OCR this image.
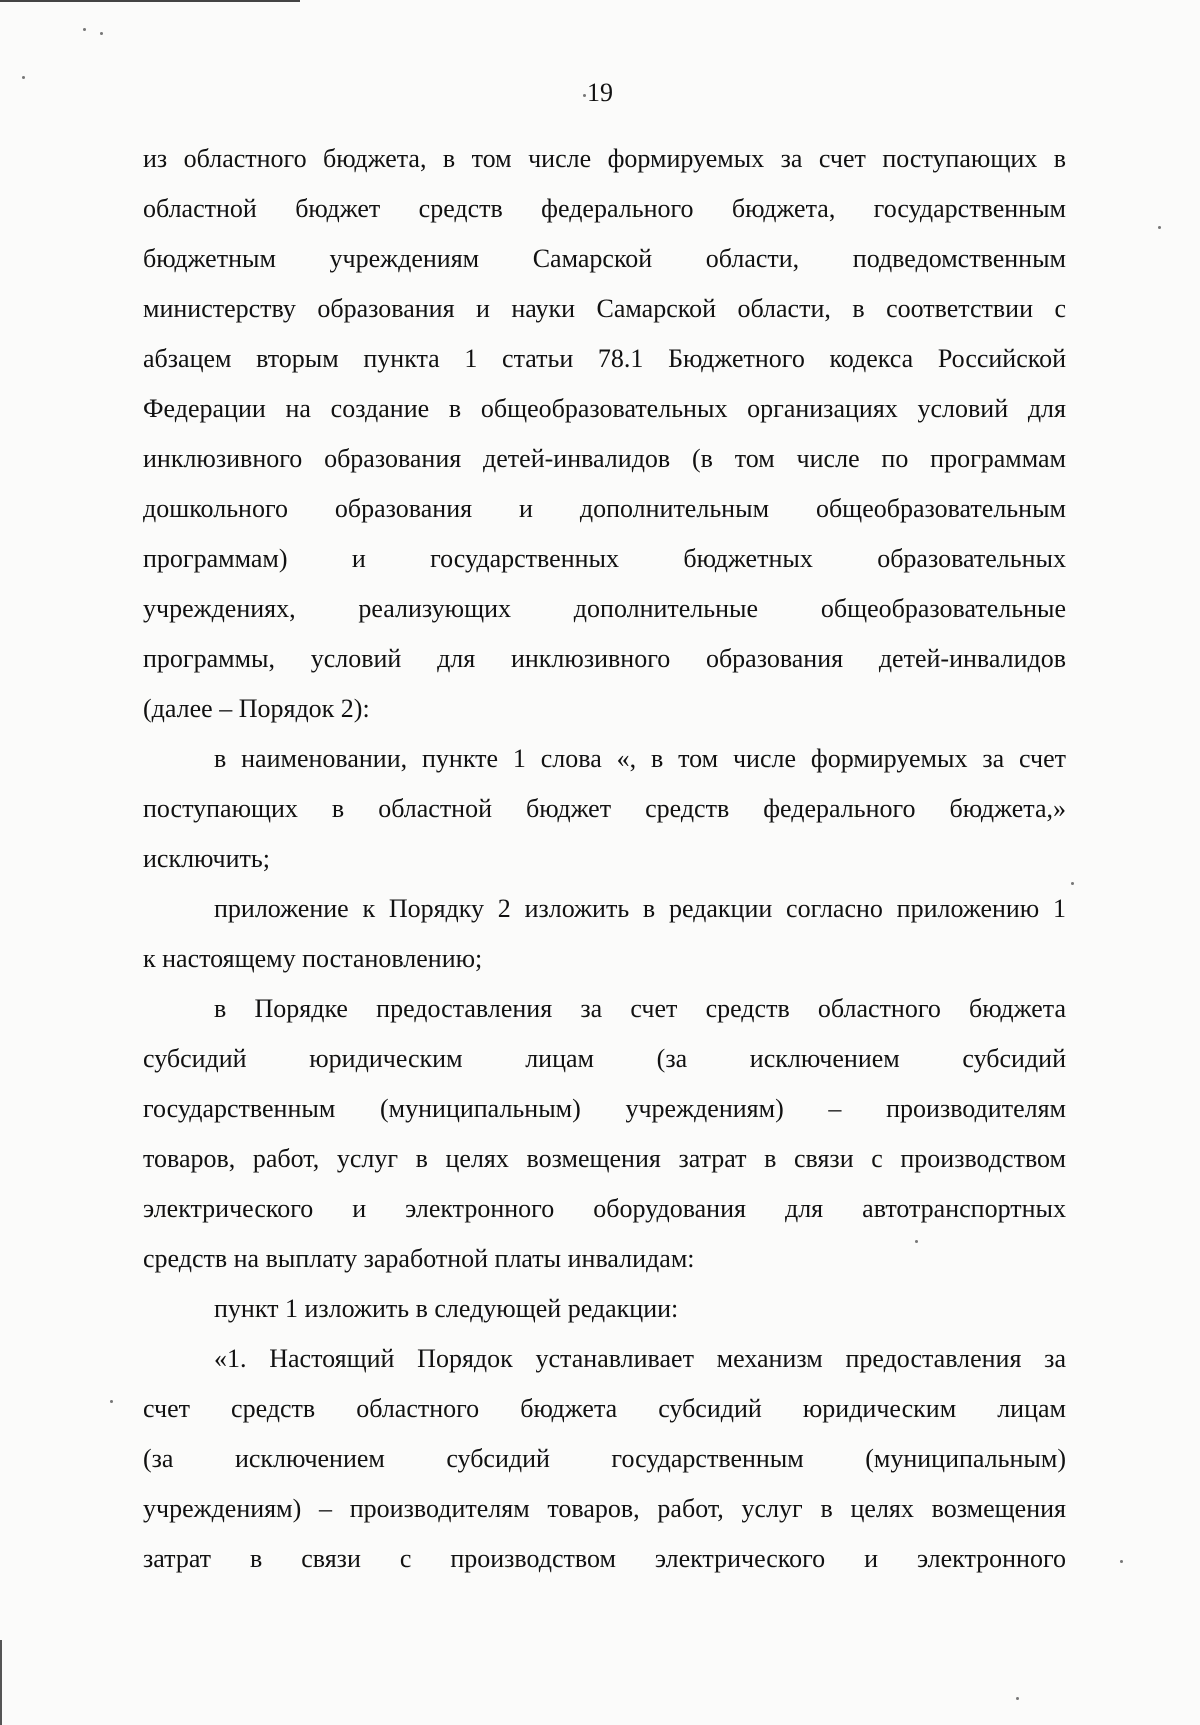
19
из областного бюджета, в том числе формируемых за счет поступающих в
областной бюджет средств федерального бюджета, государственным
бюджетным учреждениям Самарской области, подведомственным
министерству образования и науки Самарской области, в соответствии с
абзацем вторым пункта 1 статьи 78.1 Бюджетного кодекса Российской
Федерации на создание в общеобразовательных организациях условий для
инклюзивного образования детей-инвалидов (в том числе по программам
дошкольного образования и дополнительным общеобразовательным
программам) и государственных бюджетных образовательных
учреждениях, реализующих дополнительные общеобразовательные
программы, условий для инклюзивного образования детей-инвалидов
(далее – Порядок 2):
в наименовании, пункте 1 слова «, в том числе формируемых за счет
поступающих в областной бюджет средств федерального бюджета,»
исключить;
приложение к Порядку 2 изложить в редакции согласно приложению 1
к настоящему постановлению;
в Порядке предоставления за счет средств областного бюджета
субсидий юридическим лицам (за исключением субсидий
государственным (муниципальным) учреждениям) – производителям
товаров, работ, услуг в целях возмещения затрат в связи с производством
электрического и электронного оборудования для автотранспортных
средств на выплату заработной платы инвалидам:
пункт 1 изложить в следующей редакции:
«1. Настоящий Порядок устанавливает механизм предоставления за
счет средств областного бюджета субсидий юридическим лицам
(за исключением субсидий государственным (муниципальным)
учреждениям) – производителям товаров, работ, услуг в целях возмещения
затрат в связи с производством электрического и электронного
